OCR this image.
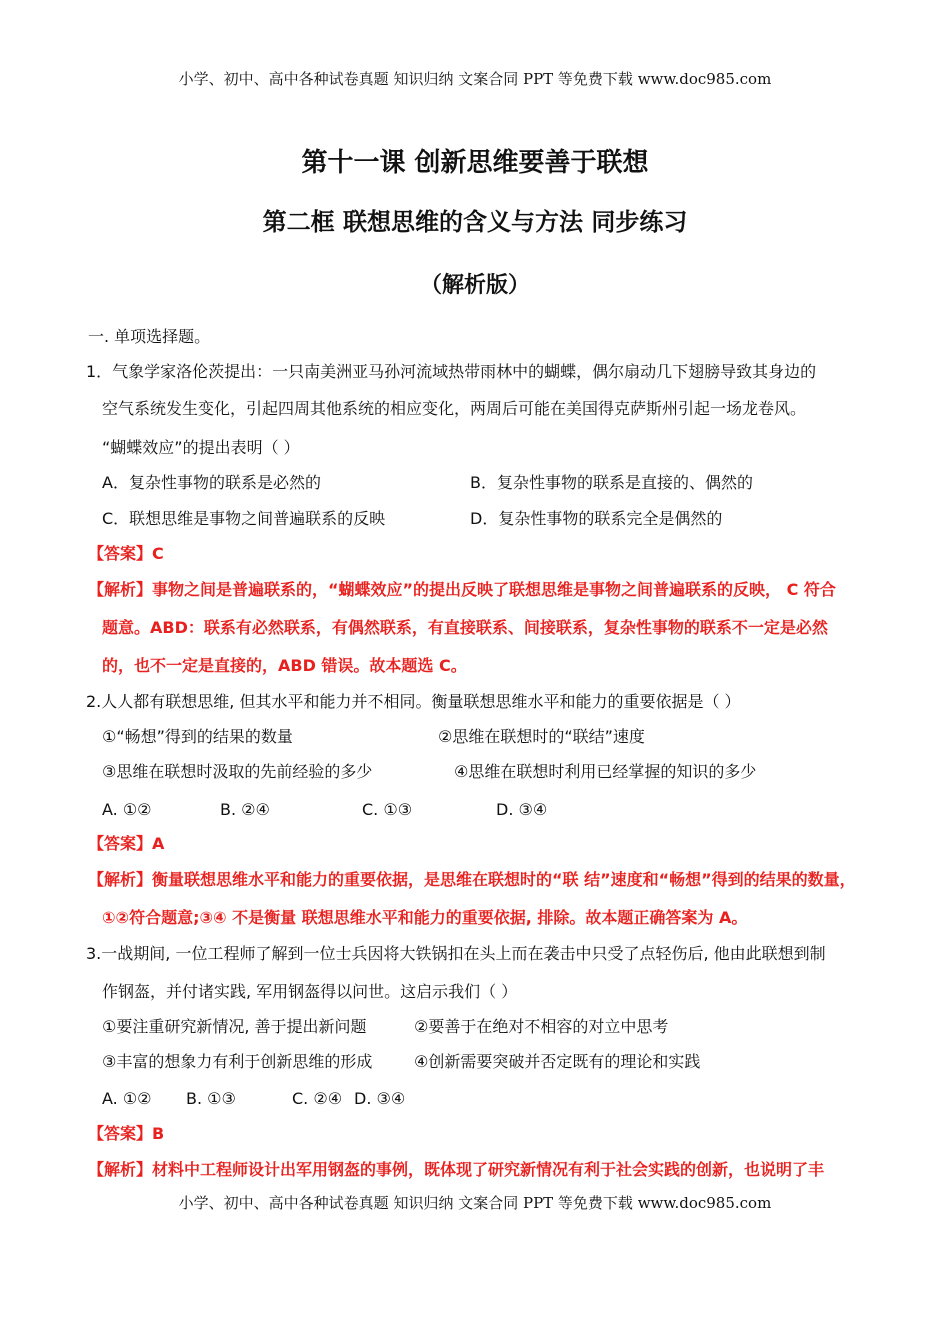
小学、初中、高中各种试卷真题 知识归纳 文案合同 PPT 等免费下载 www.doc985.com
第十一课 创新思维要善于联想
第二框 联想思维的含义与方法 同步练习
（解析版）
一. 单项选择题。
1．气象学家洛伦茨提出：一只南美洲亚马孙河流域热带雨林中的蝴蝶，偶尔扇动几下翅膀导致其身边的
空气系统发生变化，引起四周其他系统的相应变化，两周后可能在美国得克萨斯州引起一场龙卷风。
“蝴蝶效应”的提出表明（ ）
A．复杂性事物的联系是必然的	B．复杂性事物的联系是直接的、偶然的
C．联想思维是事物之间普遍联系的反映	D．复杂性事物的联系完全是偶然的
【答案】C
【解析】事物之间是普遍联系的，“蝴蝶效应”的提出反映了联想思维是事物之间普遍联系的反映， C 符合
题意。ABD：联系有必然联系，有偶然联系，有直接联系、间接联系，复杂性事物的联系不一定是必然
的，也不一定是直接的，ABD 错误。故本题选 C。
2.人人都有联想思维, 但其水平和能力并不相同。衡量联想思维水平和能力的重要依据是（ ）
①“畅想”得到的结果的数量	②思维在联想时的“联结”速度
③思维在联想时汲取的先前经验的多少	④思维在联想时利用已经掌握的知识的多少
A. ①②	B. ②④	C. ①③	D. ③④
【答案】A
【解析】衡量联想思维水平和能力的重要依据，是思维在联想时的“联 结”速度和“畅想”得到的结果的数量，
①②符合题意;③④ 不是衡量 联想思维水平和能力的重要依据, 排除。故本题正确答案为 A。
3.一战期间, 一位工程师了解到一位士兵因将大铁锅扣在头上而在袭击中只受了点轻伤后, 他由此联想到制
作钢盔，并付诸实践, 军用钢盔得以问世。这启示我们（ ）
①要注重研究新情况, 善于提出新问题	②要善于在绝对不相容的对立中思考
③丰富的想象力有利于创新思维的形成	④创新需要突破并否定既有的理论和实践
A. ①② B. ①③	C. ②④ D. ③④
【答案】B
【解析】材料中工程师设计出军用钢盔的事例，既体现了研究新情况有利于社会实践的创新，也说明了丰
小学、初中、高中各种试卷真题 知识归纳 文案合同 PPT 等免费下载 www.doc985.com
